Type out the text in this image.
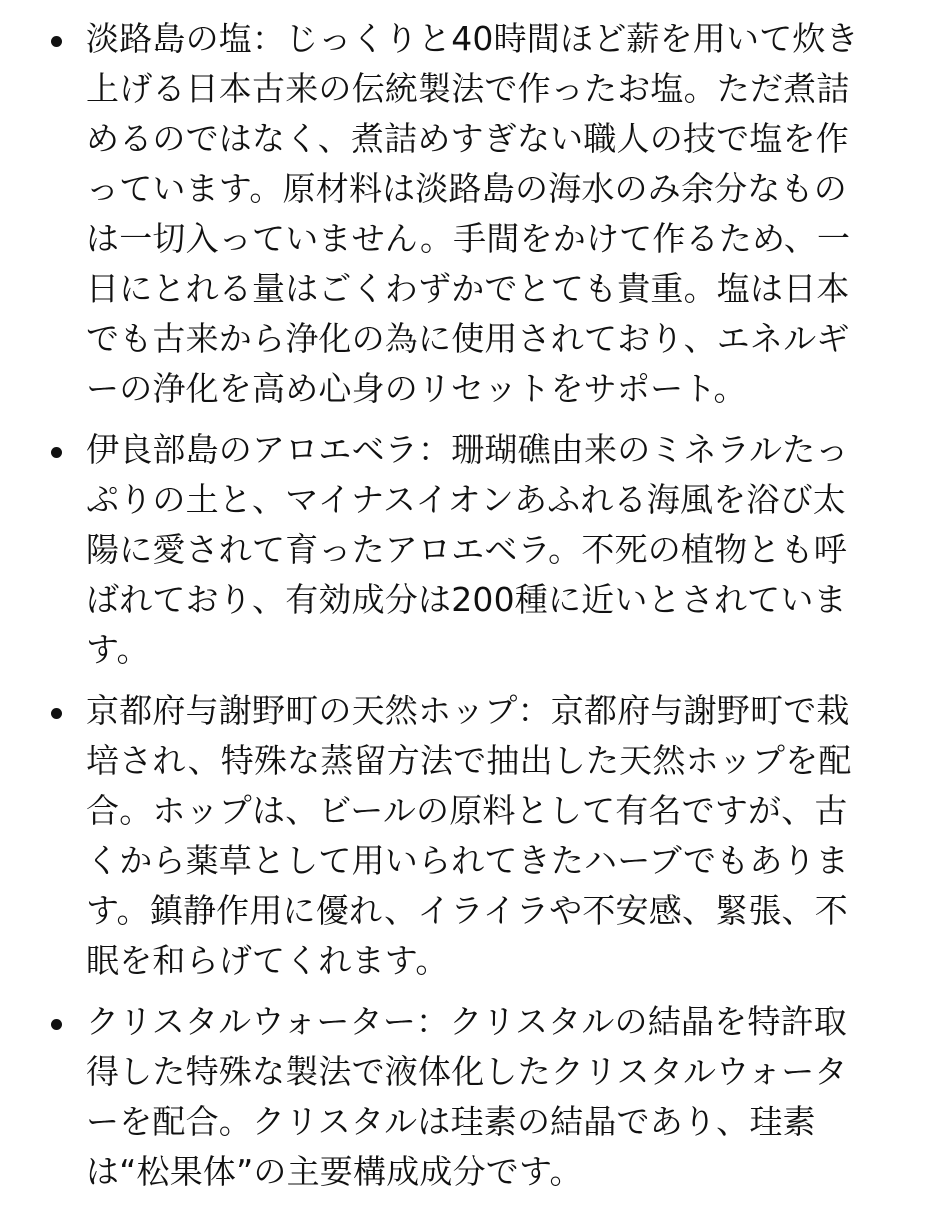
淡路島の塩：じっくりと40時間ほど薪を用いて炊き
上げる日本古来の伝統製法で作ったお塩。ただ煮詰
めるのではなく、煮詰めすぎない職人の技で塩を作
っています。原材料は淡路島の海水のみ余分なもの
は一切入っていません。手間をかけて作るため、一
日にとれる量はごくわずかでとても貴重。塩は日本
でも古来から浄化の為に使用されており、エネルギ
ーの浄化を高め心身のリセットをサポート。
伊良部島のアロエベラ：珊瑚礁由来のミネラルたっ
ぷりの土と、マイナスイオンあふれる海風を浴び太
陽に愛されて育ったアロエベラ。不死の植物とも呼
ばれており、有効成分は200種に近いとされていま
す。
京都府与謝野町の天然ホップ：京都府与謝野町で栽
培され、特殊な蒸留方法で抽出した天然ホップを配
合。ホップは、ビールの原料として有名ですが、古
くから薬草として用いられてきたハーブでもありま
す。鎮静作用に優れ、イライラや不安感、緊張、不
眠を和らげてくれます。
クリスタルウォーター：クリスタルの結晶を特許取
得した特殊な製法で液体化したクリスタルウォータ
ーを配合。クリスタルは珪素の結晶であり、珪素
は“松果体”の主要構成成分です。
